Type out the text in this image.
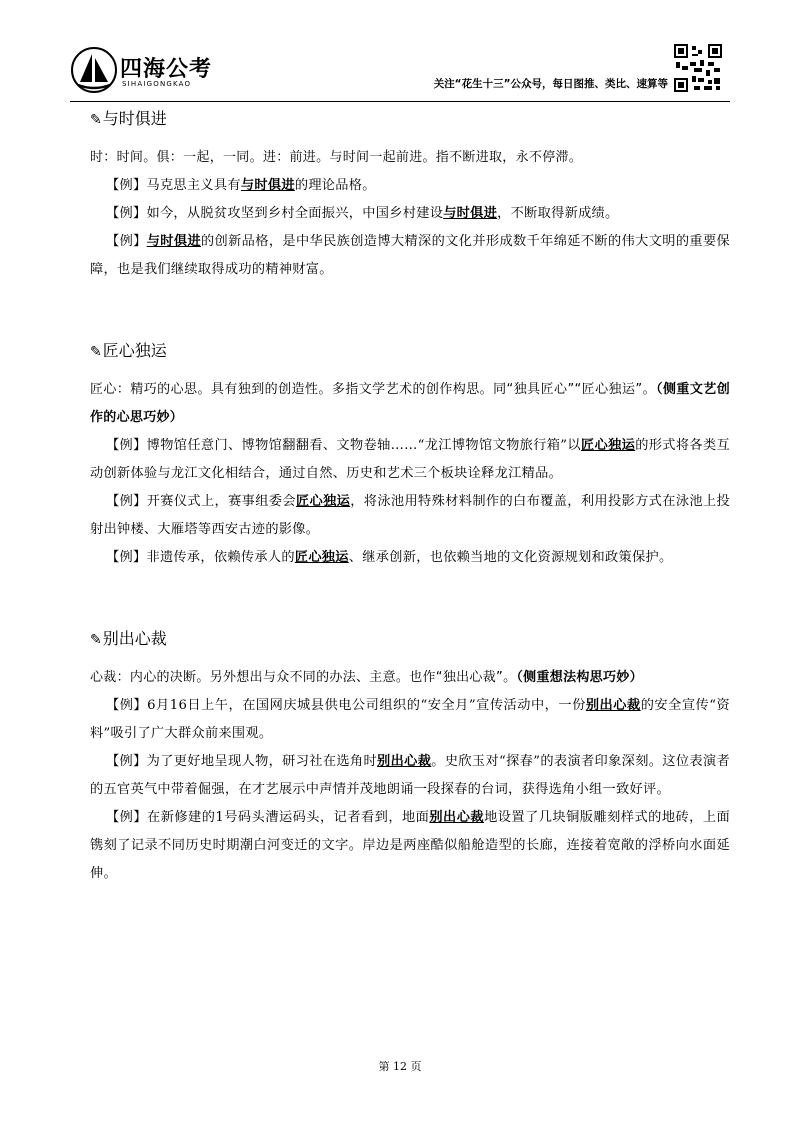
四海公考
SIHAIGONGKAO	关注“花生十三”公众号，每日图推、类比、速算等
✎与时俱进

时：时间。俱：一起，一同。进：前进。与时间一起前进。指不断进取，永不停滞。

【例】马克思主义具有与时俱进的理论品格。

【例】如今，从脱贫攻坚到乡村全面振兴，中国乡村建设与时俱进，不断取得新成绩。

【例】与时俱进的创新品格，是中华民族创造博大精深的文化并形成数千年绵延不断的伟大文明的重要保障，也是我们继续取得成功的精神财富。

✎匠心独运

匠心：精巧的心思。具有独到的创造性。多指文学艺术的创作构思。同“独具匠心”“匠心独运”。（侧重文艺创作的心思巧妙）

【例】博物馆任意门、博物馆翻翻看、文物卷轴……“龙江博物馆文物旅行箱”以匠心独运的形式将各类互动创新体验与龙江文化相结合，通过自然、历史和艺术三个板块诠释龙江精品。

【例】开赛仪式上，赛事组委会匠心独运，将泳池用特殊材料制作的白布覆盖，利用投影方式在泳池上投射出钟楼、大雁塔等西安古迹的影像。

【例】非遗传承，依赖传承人的匠心独运、继承创新，也依赖当地的文化资源规划和政策保护。

✎别出心裁

心裁：内心的决断。另外想出与众不同的办法、主意。也作“独出心裁”。（侧重想法构思巧妙）

【例】6月16日上午，在国网庆城县供电公司组织的“安全月”宣传活动中，一份别出心裁的安全宣传“资料”吸引了广大群众前来围观。

【例】为了更好地呈现人物，研习社在选角时别出心裁。史欣玉对“探春”的表演者印象深刻。这位表演者的五官英气中带着倔强，在才艺展示中声情并茂地朗诵一段探春的台词，获得选角小组一致好评。

【例】在新修建的1号码头漕运码头，记者看到，地面别出心裁地设置了几块铜版雕刻样式的地砖，上面镌刻了记录不同历史时期潮白河变迁的文字。岸边是两座酷似船舱造型的长廊，连接着宽敞的浮桥向水面延伸。

第 12 页
